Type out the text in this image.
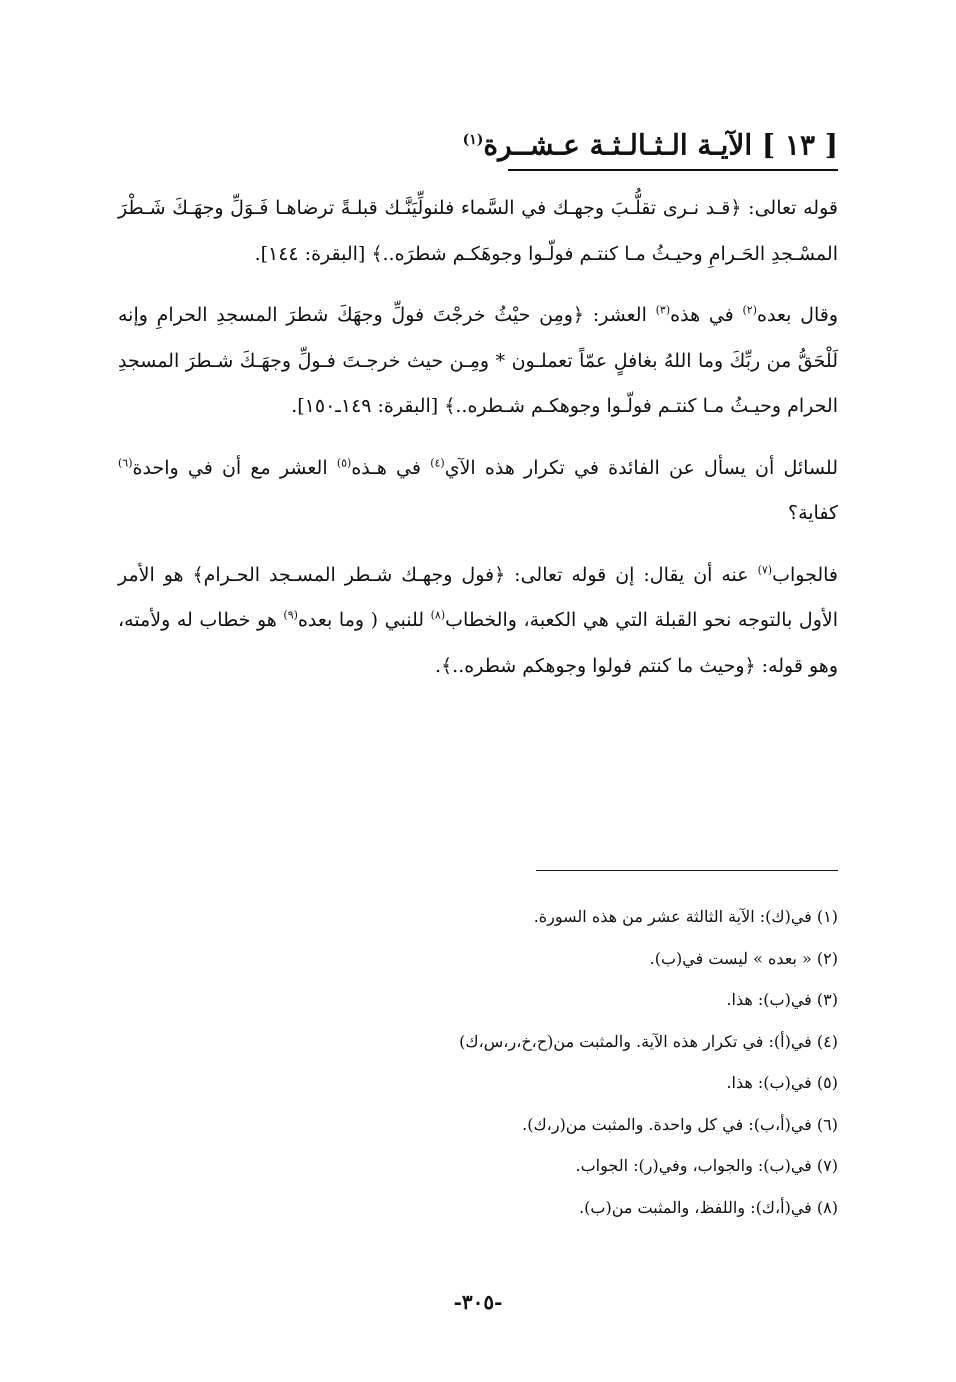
[ ١٣ ] الآيـة الـثـالـثـة عـشــرة$^{(١)}$

قوله تعالى: ﴿قـد نـرى تقلُّـبَ وجهـك في السَّماء فلنولِّيَنَّـك قبلـةً ترضاهـا فَـوَلِّ وجهَـكَ شَـطْرَ المسْـجدِ الحَـرامِ وحيـثُ مـا كنتـم فولّـوا وجوهَكـم شطرَه..﴾ [البقرة: ١٤٤].

وقال بعده$^{(٢)}$ في هذه$^{(٣)}$ العشر: ﴿ومِن حيْثُ خرجْتَ فولِّ وجهَكَ شطرَ المسجدِ الحرامِ وإنه لَلْحَقُّ من ربِّكَ وما اللهُ بغافلٍ عمّاً تعملـون * ومِـن حيث خرجـتَ فـولِّ وجهَـكَ شـطرَ المسجدِ الحرام وحيـثُ مـا كنتـم فولّـوا وجوهكـم شـطره..﴾ [البقرة: ١٤٩ـ١٥٠].

للسائل أن يسأل عن الفائدة في تكرار هذه الآي$^{(٤)}$ في هـذه$^{(٥)}$ العشر مع أن في واحدة$^{(٦)}$ كفاية؟

فالجواب$^{(٧)}$ عنه أن يقال: إن قوله تعالى: ﴿فول وجهـك شـطر المسـجد الحـرام﴾ هو الأمر الأول بالتوجه نحو القبلة التي هي الكعبة، والخطاب$^{(٨)}$ للنبي ( وما بعده$^{(٩)}$ هو خطاب له ولأمته، وهو قوله: ﴿وحيث ما كنتم فولوا وجوهكم شطره..﴾.

(١) في(ك): الآية الثالثة عشر من هذه السورة.
(٢) « بعده » ليست في(ب).
(٣) في(ب): هذا.
(٤) في(أ): في تكرار هذه الآية. والمثبت من(ح،خ،ر،س،ك)
(٥) في(ب): هذا.
(٦) في(أ،ب): في كل واحدة. والمثبت من(ر،ك).
(٧) في(ب): والجواب، وفي(ر): الجواب.
(٨) في(أ،ك): واللفظ، والمثبت من(ب).
-٣٠٥-
